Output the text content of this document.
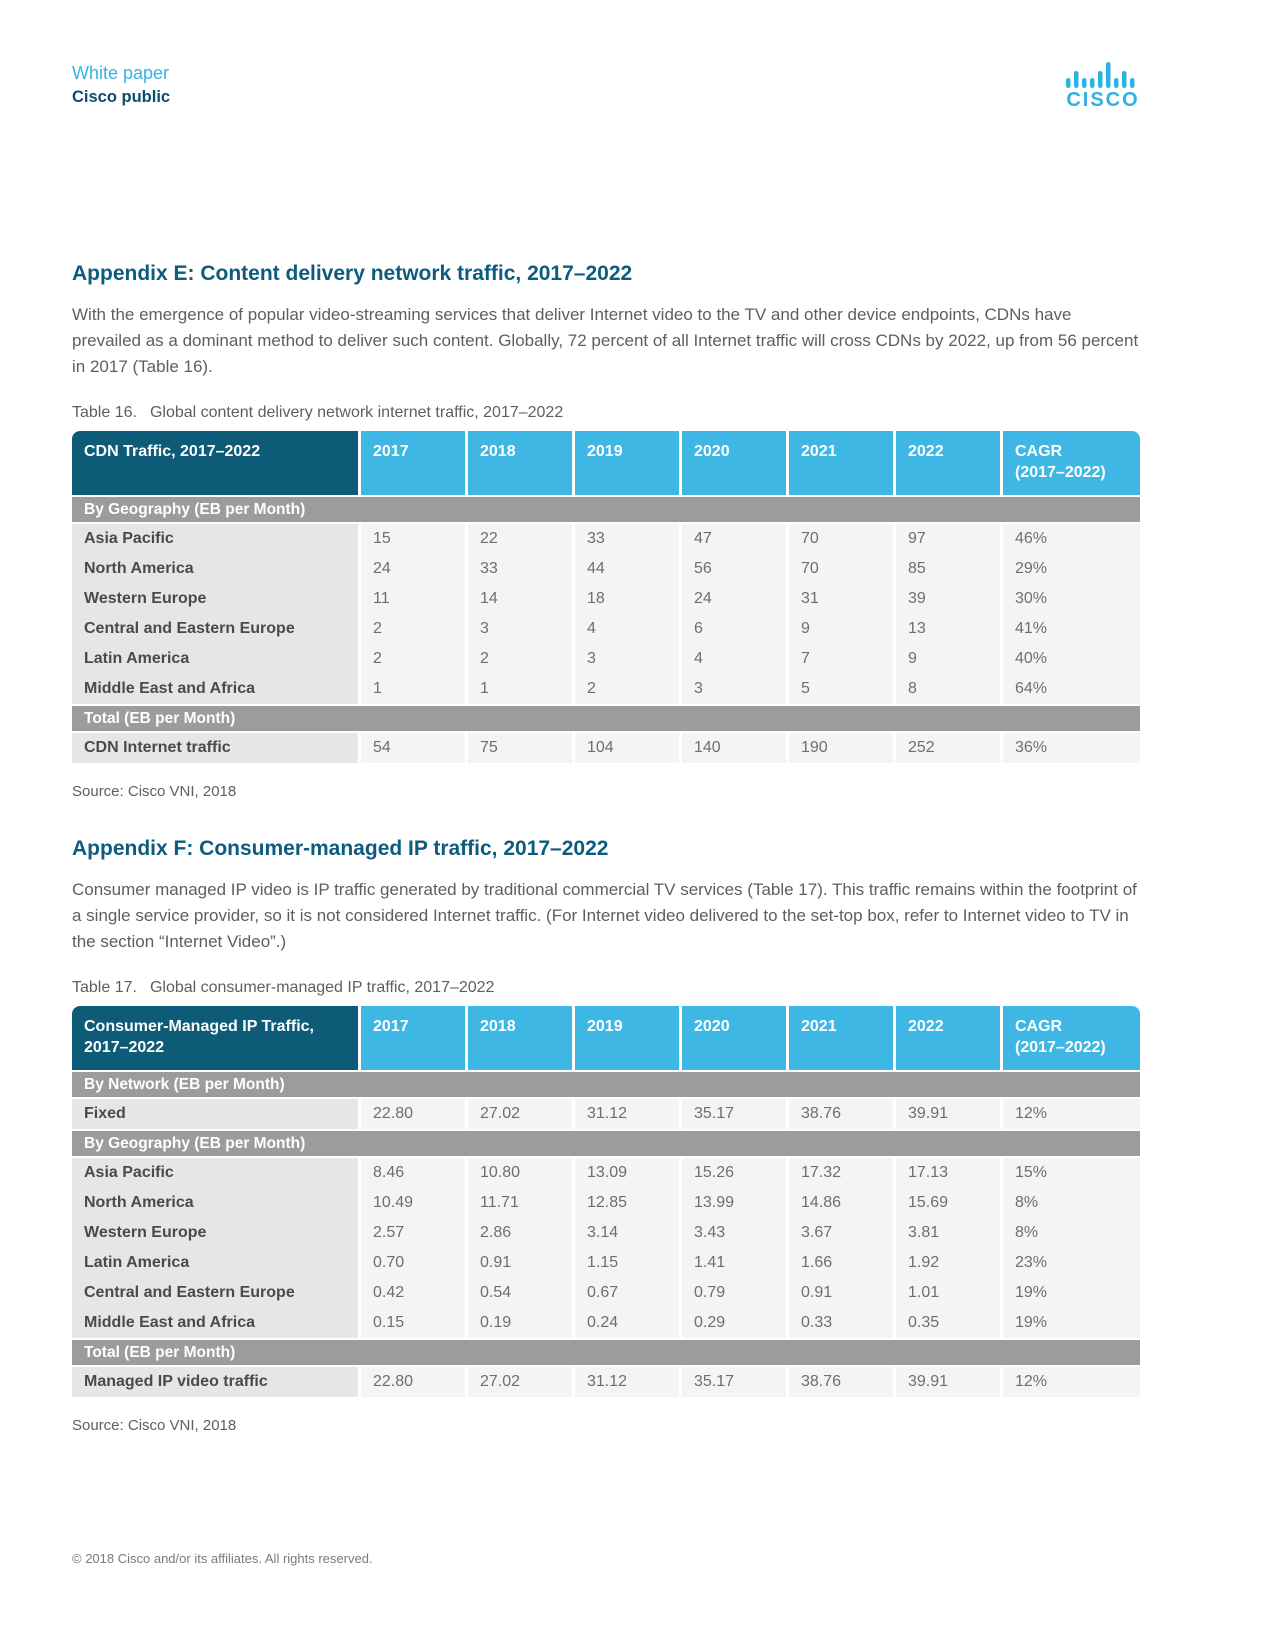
White paper
Cisco public	CISCO
Appendix E: Content delivery network traffic, 2017–2022

With the emergence of popular video-streaming services that deliver Internet video to the TV and other device endpoints, CDNs have prevailed as a dominant method to deliver such content. Globally, 72 percent of all Internet traffic will cross CDNs by 2022, up from 56 percent in 2017 (Table 16).

Table 16. Global content delivery network internet traffic, 2017–2022
CDN Traffic, 2017–2022	2017	2018	2019	2020	2021	2022	CAGR
(2017–2022)

By Geography (EB per Month)							
Asia Pacific	15	22	33	47	70	97	46%
North America	24	33	44	56	70	85	29%
Western Europe	11	14	18	24	31	39	30%
Central and Eastern Europe	2	3	4	6	9	13	41%
Latin America	2	2	3	4	7	9	40%
Middle East and Africa	1	1	2	3	5	8	64%
Total (EB per Month)							
CDN Internet traffic	54	75	104	140	190	252	36%
Source: Cisco VNI, 2018
Appendix F: Consumer-managed IP traffic, 2017–2022

Consumer managed IP video is IP traffic generated by traditional commercial TV services (Table 17). This traffic remains within the footprint of a single service provider, so it is not considered Internet traffic. (For Internet video delivered to the set-top box, refer to Internet video to TV in the section “Internet Video”.)

Table 17. Global consumer-managed IP traffic, 2017–2022
Consumer-Managed IP Traffic, 2017–2022	2017	2018	2019	2020	2021	2022	CAGR
(2017–2022)

By Network (EB per Month)							
Fixed	22.80	27.02	31.12	35.17	38.76	39.91	12%
By Geography (EB per Month)							
Asia Pacific	8.46	10.80	13.09	15.26	17.32	17.13	15%
North America	10.49	11.71	12.85	13.99	14.86	15.69	8%
Western Europe	2.57	2.86	3.14	3.43	3.67	3.81	8%
Latin America	0.70	0.91	1.15	1.41	1.66	1.92	23%
Central and Eastern Europe	0.42	0.54	0.67	0.79	0.91	1.01	19%
Middle East and Africa	0.15	0.19	0.24	0.29	0.33	0.35	19%
Total (EB per Month)							
Managed IP video traffic	22.80	27.02	31.12	35.17	38.76	39.91	12%
Source: Cisco VNI, 2018
© 2018 Cisco and/or its affiliates. All rights reserved.
